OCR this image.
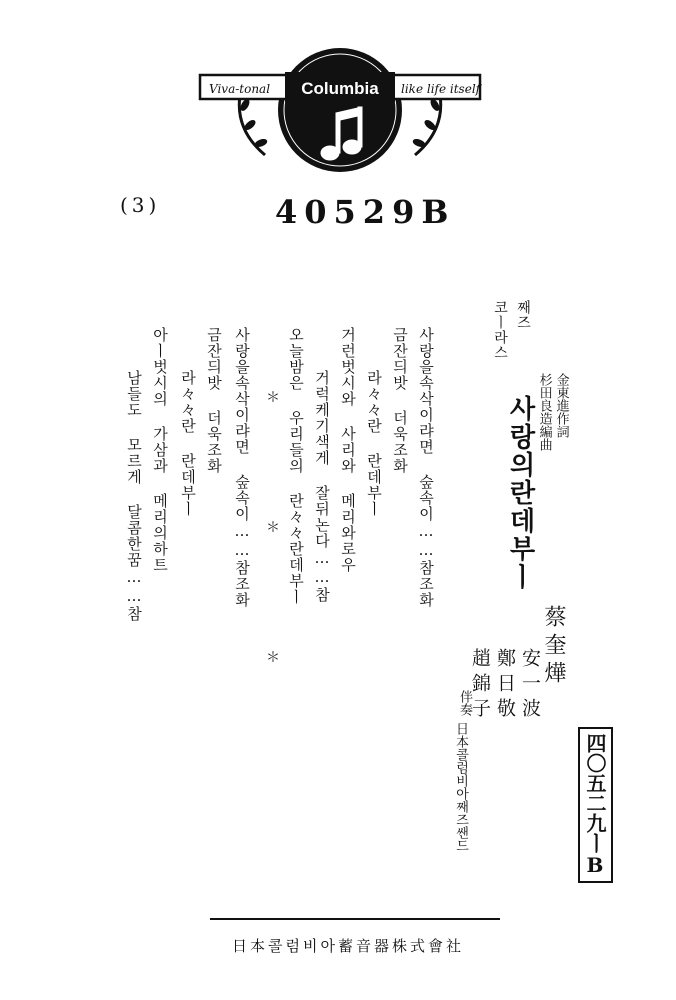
Columbia
Viva-tonal	like life itself
(3)	40529B
째즈
코ㅣ라스
金東進作詞
杉田良造編曲
사랑의란데부ㅣ
蔡奎燁
安一波
鄭日敬
趙錦子
伴奏
日本콜럼비아째즈쌘드	四〇五二九ㅣB
사랑을속삭이랴면 숲속이……참조화
금잔듸밧 더욱조화
라々々란 란데부ㅣ
거런벗시와 사리와 메리와로우
거럭케기색게 잘뒤논다……참
오늘밤은 우리들의 란々々란데부ㅣ
＊ ＊ ＊
사랑을속삭이랴면 숲속이……참조화
금잔듸밧 더욱조화
라々々란 란데부ㅣ
아ㅣ벗시의 가삼과 메리의하트
남들도 모르게 달콤한꿈……참
日本콜럼비아蓄音器株式會社
